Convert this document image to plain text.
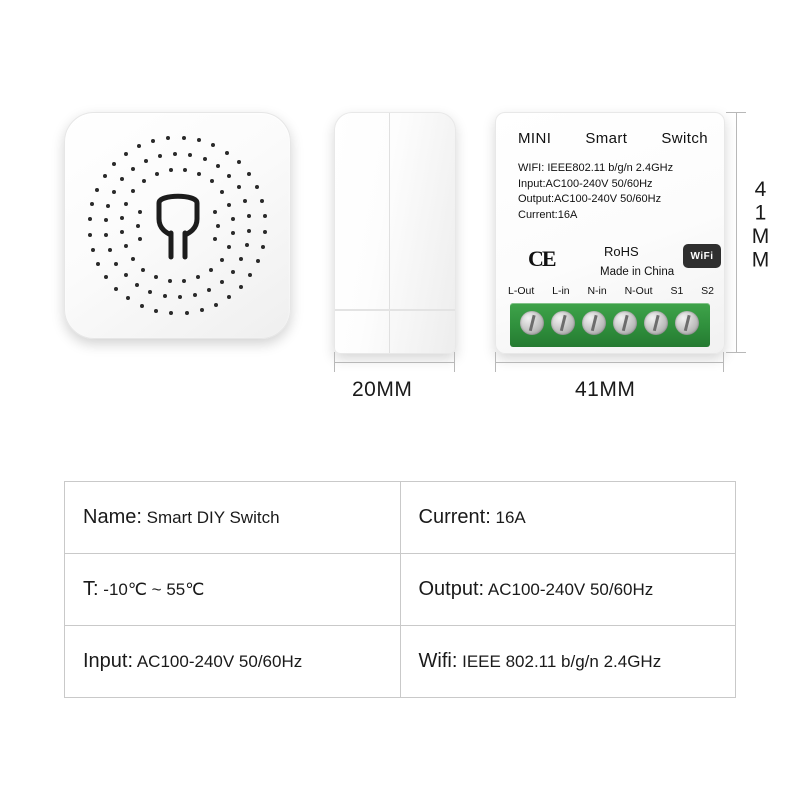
MINI Smart Switch
WIFI: IEEE802.11 b/g/n 2.4GHz
Input:AC100-240V 50/60Hz
Output:AC100-240V 50/60Hz
Current:16A
CE	RoHS	WiFi
Made in China
L-Out L-in N-in N-Out S1 S2
20MM	41MM
41MM
Name: Smart DIY Switch	Current: 16A
T: -10℃ ~ 55℃	Output: AC100-240V 50/60Hz
Input: AC100-240V 50/60Hz	Wifi: IEEE 802.11 b/g/n 2.4GHz
